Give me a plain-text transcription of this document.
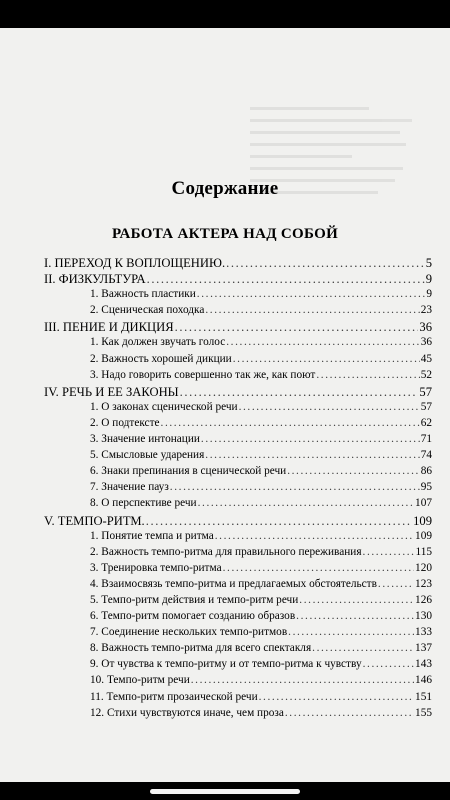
Содержание
РАБОТА АКТЕРА НАД СОБОЙ
I. ПЕРЕХОД К ВОПЛОЩЕНИЮ. .....	5
II. ФИЗКУЛЬТУРА .....	9
1. Важность пластики .....	9
2. Сценическая походка .....	23
III. ПЕНИЕ И ДИКЦИЯ .....	36
1. Как должен звучать голос .....	36
2. Важность хорошей дикции .....	45
3. Надо говорить совершенно так же, как поют .....	52
IV. РЕЧЬ И ЕЕ ЗАКОНЫ .....	57
1. О законах сценической речи .....	57
2. О подтексте .....	62
3. Значение интонации .....	71
5. Смысловые ударения .....	74
6. Знаки препинания в сценической речи .....	86
7. Значение пауз .....	95
8. О перспективе речи .....	107
V. ТЕМПО-РИТМ. .....	109
1. Понятие темпа и ритма .....	109
2. Важность темпо-ритма для правильного переживания .....	115
3. Тренировка темпо-ритма .....	120
4. Взаимосвязь темпо-ритма и предлагаемых обстоятельств .....	123
5. Темпо-ритм действия и темпо-ритм речи .....	126
6. Темпо-ритм помогает созданию образов .....	130
7. Соединение нескольких темпо-ритмов .....	133
8. Важность темпо-ритма для всего спектакля .....	137
9. От чувства к темпо-ритму и от темпо-ритма к чувству .....	143
10. Темпо-ритм речи .....	146
11. Темпо-ритм прозаической речи .....	151
12. Стихи чувствуются иначе, чем проза .....	155
